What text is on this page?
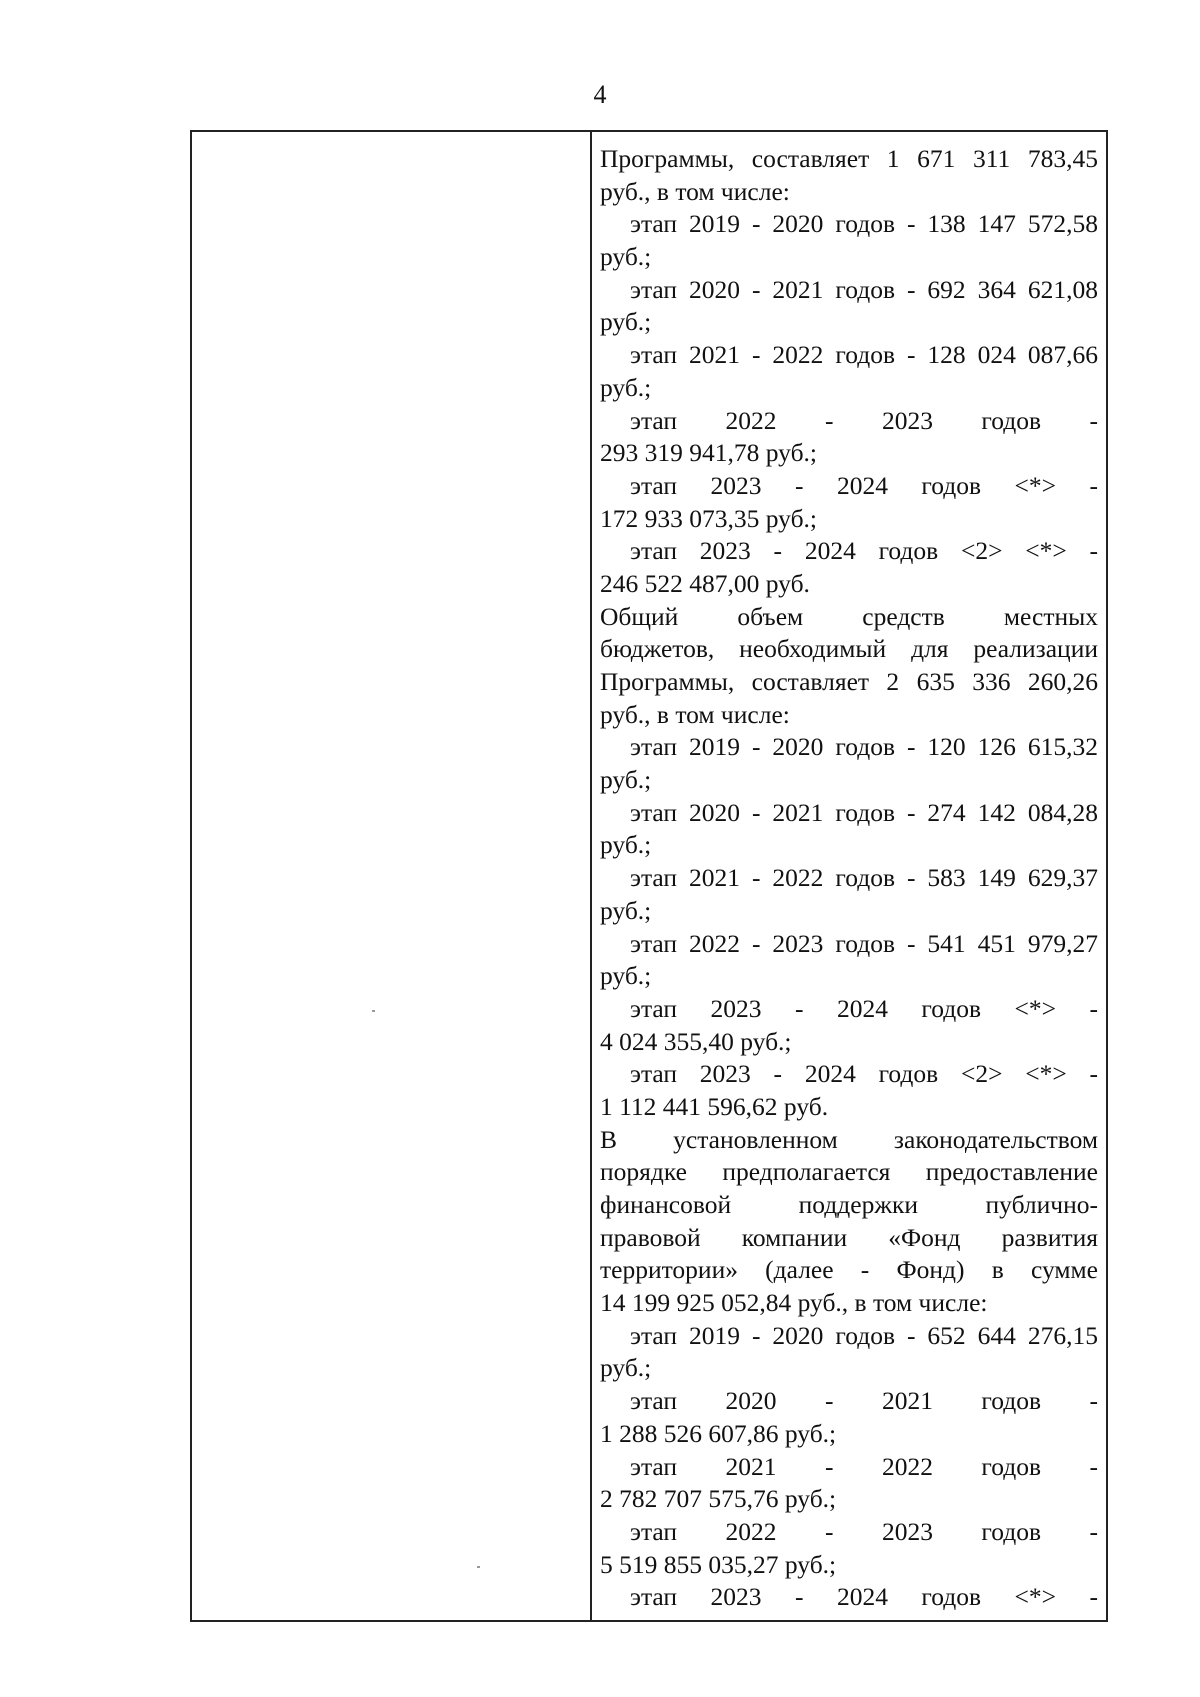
4
Программы, составляет 1 671 311 783,45
руб., в том числе:
этап 2019 - 2020 годов - 138 147 572,58
руб.;
этап 2020 - 2021 годов - 692 364 621,08
руб.;
этап 2021 - 2022 годов - 128 024 087,66
руб.;
этап 2022 - 2023 годов -
293 319 941,78 руб.;
этап 2023 - 2024 годов <*> -
172 933 073,35 руб.;
этап 2023 - 2024 годов <2> <*> -
246 522 487,00 руб.
Общий объем средств местных
бюджетов, необходимый для реализации
Программы, составляет 2 635 336 260,26
руб., в том числе:
этап 2019 - 2020 годов - 120 126 615,32
руб.;
этап 2020 - 2021 годов - 274 142 084,28
руб.;
этап 2021 - 2022 годов - 583 149 629,37
руб.;
этап 2022 - 2023 годов - 541 451 979,27
руб.;
этап 2023 - 2024 годов <*> -
4 024 355,40 руб.;
этап 2023 - 2024 годов <2> <*> -
1 112 441 596,62 руб.
В установленном законодательством
порядке предполагается предоставление
финансовой поддержки публично-
правовой компании «Фонд развития
территории» (далее - Фонд) в сумме
14 199 925 052,84 руб., в том числе:
этап 2019 - 2020 годов - 652 644 276,15
руб.;
этап 2020 - 2021 годов -
1 288 526 607,86 руб.;
этап 2021 - 2022 годов -
2 782 707 575,76 руб.;
этап 2022 - 2023 годов -
5 519 855 035,27 руб.;
этап 2023 - 2024 годов <*> -
